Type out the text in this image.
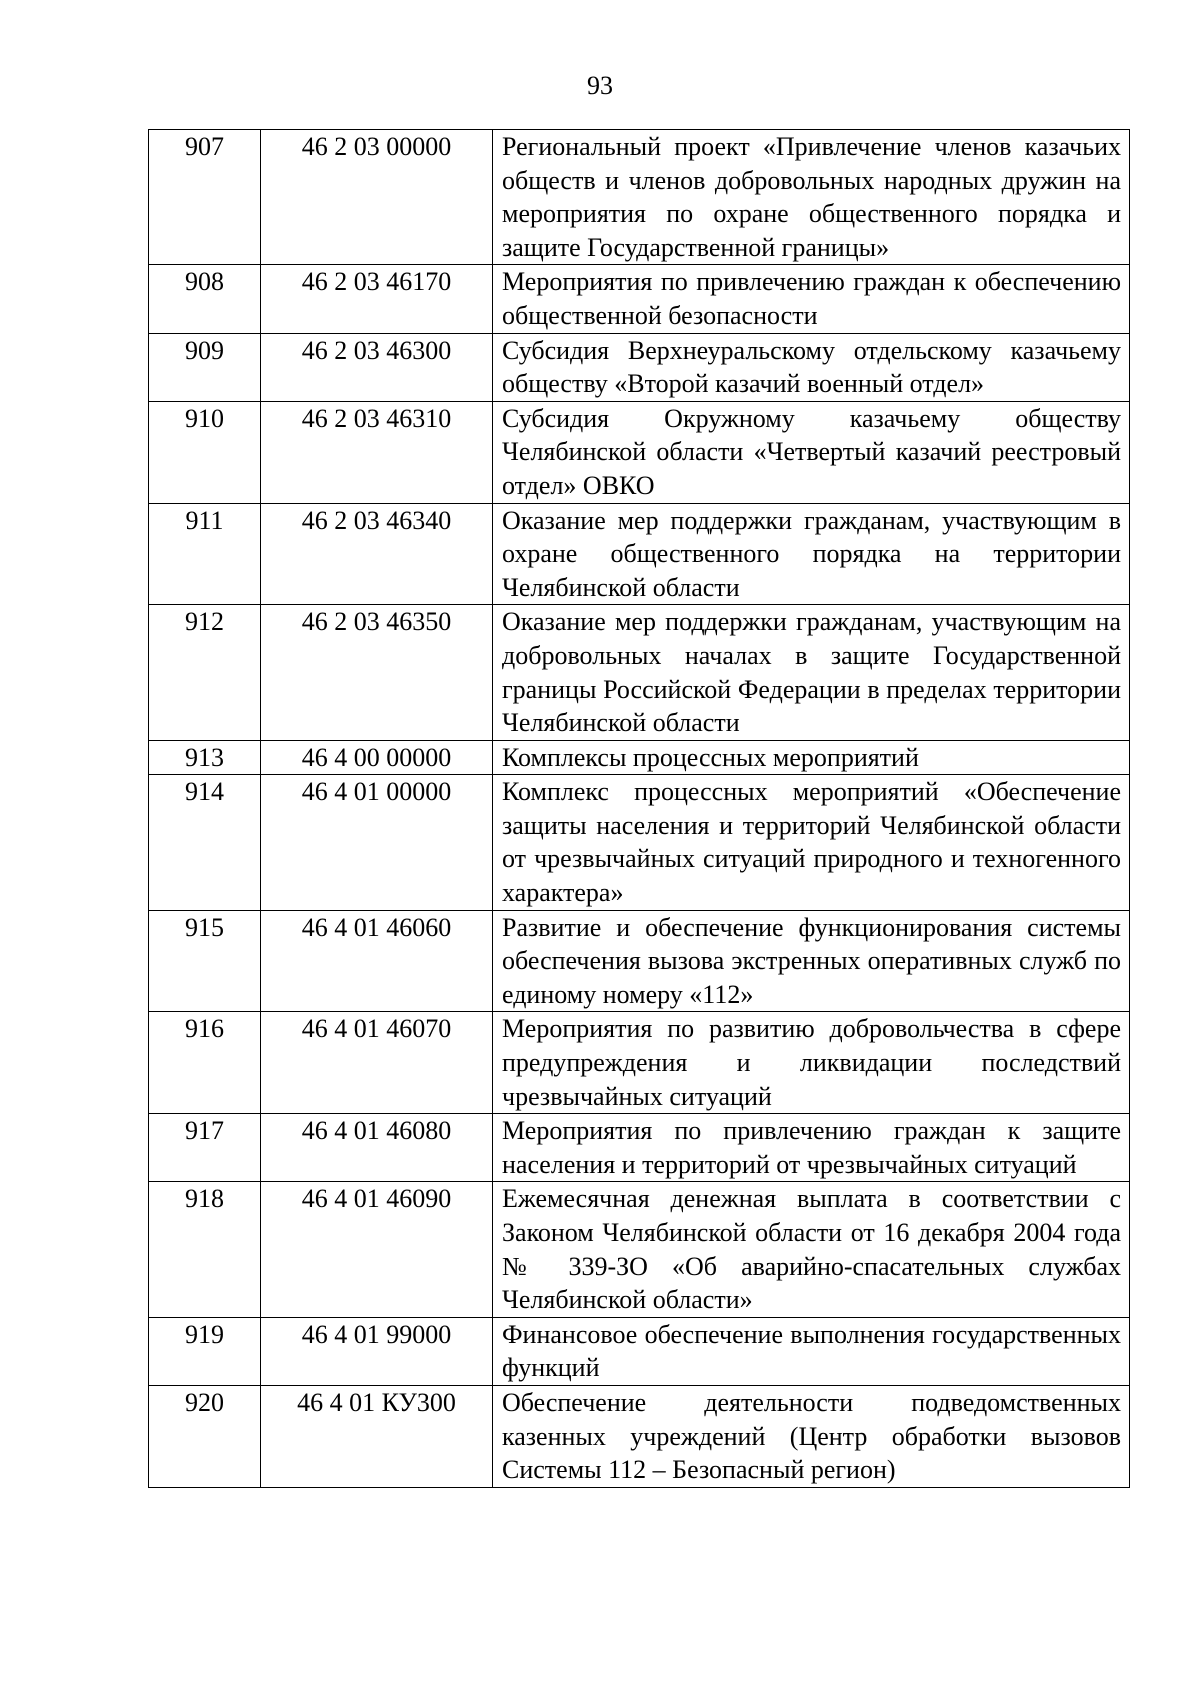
93
907	46 2 03 00000	Региональный проект «Привлечение членов казачьих обществ и членов добровольных народных дружин на мероприятия по охране общественного порядка и защите Государственной границы»
908	46 2 03 46170	Мероприятия по привлечению граждан к обеспечению общественной безопасности
909	46 2 03 46300	Субсидия Верхнеуральскому отдельскому казачьему обществу «Второй казачий военный отдел»
910	46 2 03 46310	Субсидия Окружному казачьему обществу Челябинской области «Четвертый казачий реестровый отдел» ОВКО
911	46 2 03 46340	Оказание мер поддержки гражданам, участвующим в охране общественного порядка на территории Челябинской области
912	46 2 03 46350	Оказание мер поддержки гражданам, участвующим на добровольных началах в защите Государственной границы Российской Федерации в пределах территории Челябинской области
913	46 4 00 00000	Комплексы процессных мероприятий
914	46 4 01 00000	Комплекс процессных мероприятий «Обеспечение защиты населения и территорий Челябинской области от чрезвычайных ситуаций природного и техногенного характера»
915	46 4 01 46060	Развитие и обеспечение функционирования системы обеспечения вызова экстренных оперативных служб по единому номеру «112»
916	46 4 01 46070	Мероприятия по развитию добровольчества в сфере предупреждения и ликвидации последствий чрезвычайных ситуаций
917	46 4 01 46080	Мероприятия по привлечению граждан к защите населения и территорий от чрезвычайных ситуаций
918	46 4 01 46090	Ежемесячная денежная выплата в соответствии с Законом Челябинской области от 16 декабря 2004 года № 339-ЗО «Об аварийно-спасательных службах Челябинской области»
919	46 4 01 99000	Финансовое обеспечение выполнения государственных функций
920	46 4 01 КУ300	Обеспечение деятельности подведомственных казенных учреждений (Центр обработки вызовов Системы 112 – Безопасный регион)
